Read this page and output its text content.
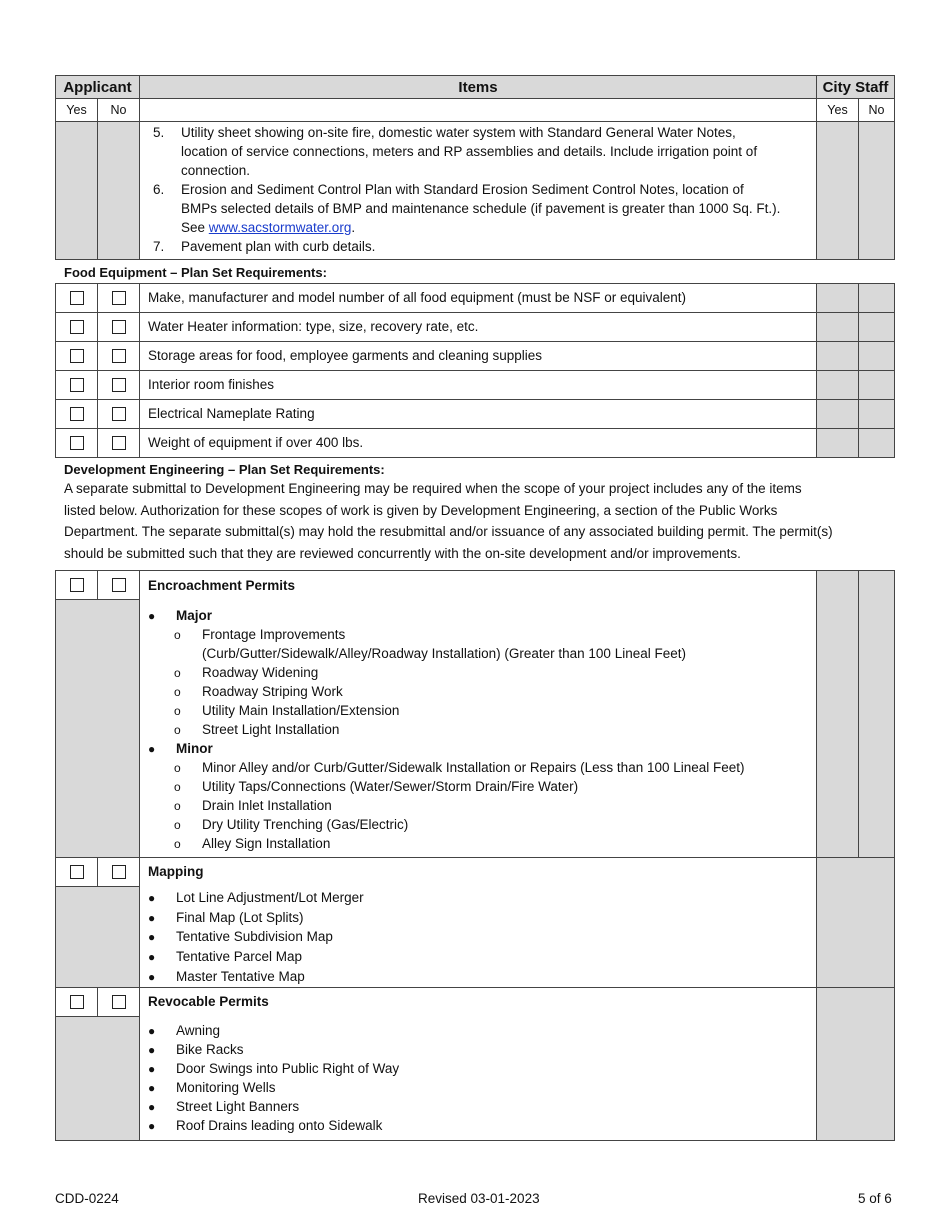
Applicant	Items	City Staff
Yes No	Yes No
5. Utility sheet showing on-site fire, domestic water system with Standard General Water Notes,
location of service connections, meters and RP assemblies and details. Include irrigation point of
connection.
6. Erosion and Sediment Control Plan with Standard Erosion Sediment Control Notes, location of
BMPs selected details of BMP and maintenance schedule (if pavement is greater than 1000 Sq. Ft.).
See www.sacstormwater.org.
7. Pavement plan with curb details.
Food Equipment – Plan Set Requirements:
Make, manufacturer and model number of all food equipment (must be NSF or equivalent)
Water Heater information: type, size, recovery rate, etc.
Storage areas for food, employee garments and cleaning supplies
Interior room finishes
Electrical Nameplate Rating
Weight of equipment if over 400 lbs.
Development Engineering – Plan Set Requirements:
A separate submittal to Development Engineering may be required when the scope of your project includes any of the items
listed below. Authorization for these scopes of work is given by Development Engineering, a section of the Public Works
Department. The separate submittal(s) may hold the resubmittal and/or issuance of any associated building permit. The permit(s)
should be submitted such that they are reviewed concurrently with the on-site development and/or improvements.
Encroachment Permits
● Major
o Frontage Improvements
(Curb/Gutter/Sidewalk/Alley/Roadway Installation) (Greater than 100 Lineal Feet)
o Roadway Widening
o Roadway Striping Work
o Utility Main Installation/Extension
o Street Light Installation
● Minor
o Minor Alley and/or Curb/Gutter/Sidewalk Installation or Repairs (Less than 100 Lineal Feet)
o Utility Taps/Connections (Water/Sewer/Storm Drain/Fire Water)
o Drain Inlet Installation
o Dry Utility Trenching (Gas/Electric)
o Alley Sign Installation
Mapping
● Lot Line Adjustment/Lot Merger
● Final Map (Lot Splits)
● Tentative Subdivision Map
● Tentative Parcel Map
● Master Tentative Map
Revocable Permits
● Awning
● Bike Racks
● Door Swings into Public Right of Way
● Monitoring Wells
● Street Light Banners
● Roof Drains leading onto Sidewalk
CDD-0224	Revised 03-01-2023	5 of 6
